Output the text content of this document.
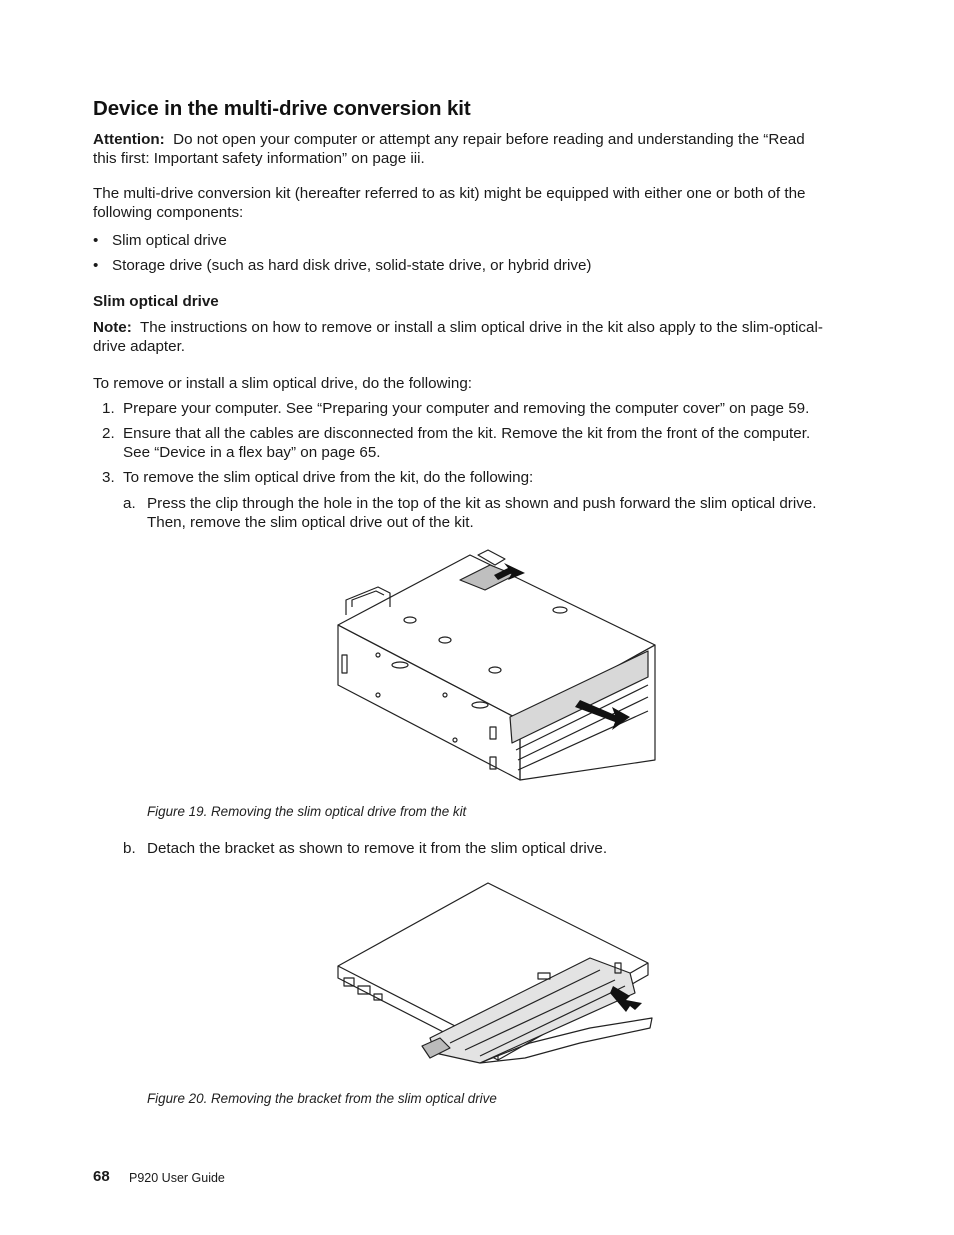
Device in the multi-drive conversion kit
Attention: Do not open your computer or attempt any repair before reading and understanding the “Read
this first: Important safety information” on page iii.
The multi-drive conversion kit (hereafter referred to as kit) might be equipped with either one or both of the
following components:
• Slim optical drive
• Storage drive (such as hard disk drive, solid-state drive, or hybrid drive)
Slim optical drive
Note: The instructions on how to remove or install a slim optical drive in the kit also apply to the slim-optical-
drive adapter.
To remove or install a slim optical drive, do the following:
1. Prepare your computer. See “Preparing your computer and removing the computer cover” on page 59.
2. Ensure that all the cables are disconnected from the kit. Remove the kit from the front of the computer.
See “Device in a flex bay” on page 65.
3. To remove the slim optical drive from the kit, do the following:
a. Press the clip through the hole in the top of the kit as shown and push forward the slim optical drive.
Then, remove the slim optical drive out of the kit.
Figure 19. Removing the slim optical drive from the kit
b. Detach the bracket as shown to remove it from the slim optical drive.
Figure 20. Removing the bracket from the slim optical drive
68 P920 User Guide
